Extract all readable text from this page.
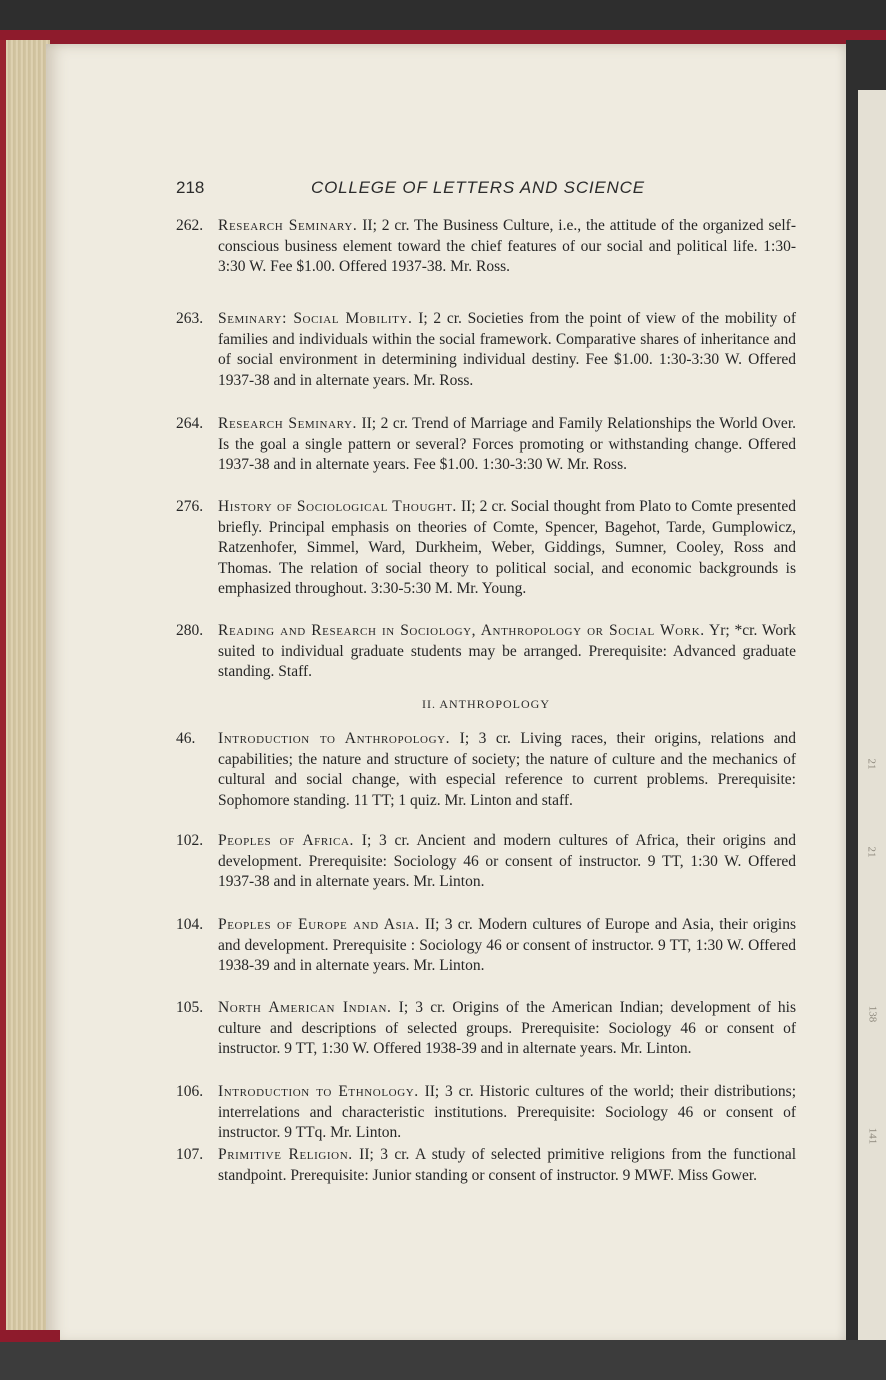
21
21
138
141
218	COLLEGE OF LETTERS AND SCIENCE
262. Research Seminary. II; 2 cr. The Business Culture, i.e., the attitude of the organized self-conscious business element toward the chief features of our social and political life. 1:30-3:30 W. Fee $1.00. Offered 1937-38. Mr. Ross.
263. Seminary: Social Mobility. I; 2 cr. Societies from the point of view of the mobility of families and individuals within the social framework. Comparative shares of inheritance and of social environment in determining individual destiny. Fee $1.00. 1:30-3:30 W. Offered 1937-38 and in alternate years. Mr. Ross.
264. Research Seminary. II; 2 cr. Trend of Marriage and Family Relationships the World Over. Is the goal a single pattern or several? Forces promoting or withstanding change. Offered 1937-38 and in alternate years. Fee $1.00. 1:30-3:30 W. Mr. Ross.
276. History of Sociological Thought. II; 2 cr. Social thought from Plato to Comte presented briefly. Principal emphasis on theories of Comte, Spencer, Bagehot, Tarde, Gumplowicz, Ratzenhofer, Simmel, Ward, Durkheim, Weber, Giddings, Sumner, Cooley, Ross and Thomas. The relation of social theory to political social, and economic backgrounds is emphasized throughout. 3:30-5:30 M. Mr. Young.
280. Reading and Research in Sociology, Anthropology or Social Work. Yr; *cr. Work suited to individual graduate students may be arranged. Prerequisite: Advanced graduate standing. Staff.
II. ANTHROPOLOGY
46.	Introduction to Anthropology. I; 3 cr. Living races, their origins, relations and capabilities; the nature and structure of society; the nature of culture and the mechanics of cultural and social change, with especial reference to current problems. Prerequisite: Sophomore standing. 11 TT; 1 quiz. Mr. Linton and staff.
102. Peoples of Africa. I; 3 cr. Ancient and modern cultures of Africa, their origins and development. Prerequisite: Sociology 46 or consent of instructor. 9 TT, 1:30 W. Offered 1937-38 and in alternate years. Mr. Linton.
104. Peoples of Europe and Asia. II; 3 cr. Modern cultures of Europe and Asia, their origins and development. Prerequisite : Sociology 46 or consent of instructor. 9 TT, 1:30 W. Offered 1938-39 and in alternate years. Mr. Linton.
105. North American Indian. I; 3 cr. Origins of the American Indian; development of his culture and descriptions of selected groups. Prerequisite: Sociology 46 or consent of instructor. 9 TT, 1:30 W. Offered 1938-39 and in alternate years. Mr. Linton.
106. Introduction to Ethnology. II; 3 cr. Historic cultures of the world; their distributions; interrelations and characteristic institutions. Prerequisite: Sociology 46 or consent of instructor. 9 TTq. Mr. Linton.
107. Primitive Religion. II; 3 cr. A study of selected primitive religions from the functional standpoint. Prerequisite: Junior standing or consent of instructor. 9 MWF. Miss Gower.
